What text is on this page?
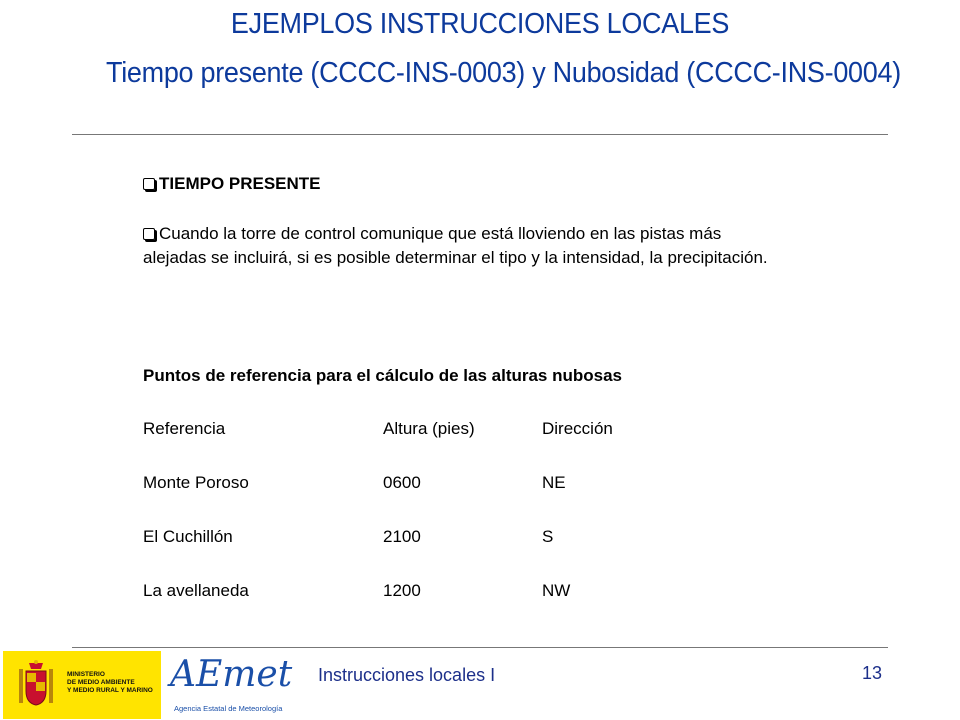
EJEMPLOS INSTRUCCIONES LOCALES
Tiempo presente (CCCC-INS-0003) y Nubosidad (CCCC-INS-0004)
TIEMPO PRESENTE
Cuando la torre de control comunique que está lloviendo en las pistas más alejadas se incluirá, si es posible determinar el tipo y la intensidad, la precipitación.
Puntos de referencia para el cálculo de las alturas nubosas
Referencia	Altura (pies)	Dirección
Monte Poroso	0600	NE
El Cuchillón	2100	S
La avellaneda	1200	NW
MINISTERIO
DE MEDIO AMBIENTE
Y MEDIO RURAL Y MARINO AEmet
Agencia Estatal de Meteorología
Instrucciones locales I	13
